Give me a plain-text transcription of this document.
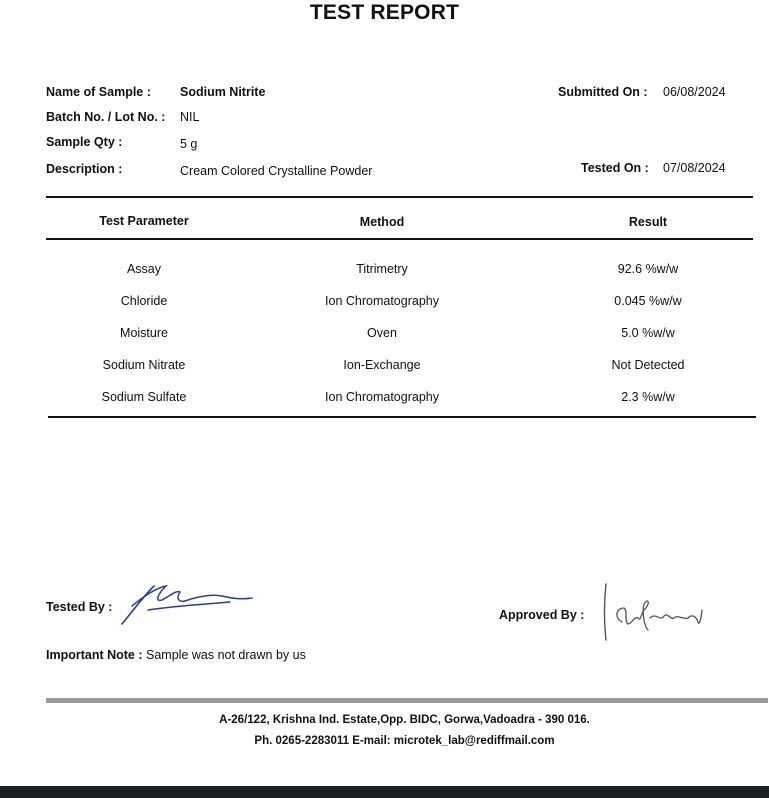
TEST REPORT
Name of Sample : Sodium Nitrite
Batch No. / Lot No. : NIL
Sample Qty :	5 g
Description :	Cream Colored Crystalline Powder
Submitted On : 06/08/2024
Tested On : 07/08/2024
Test Parameter	Method	Result
Assay	Titrimetry	92.6 %w/w
Chloride	Ion Chromatography	0.045 %w/w
Moisture	Oven	5.0 %w/w
Sodium Nitrate	Ion-Exchange	Not Detected
Sodium Sulfate	Ion Chromatography	2.3 %w/w
Tested By :
Approved By :
Important Note : Sample was not drawn by us
A-26/122, Krishna Ind. Estate,Opp. BIDC, Gorwa,Vadoadra - 390 016.
Ph. 0265-2283011 E-mail: microtek_lab@rediffmail.com
